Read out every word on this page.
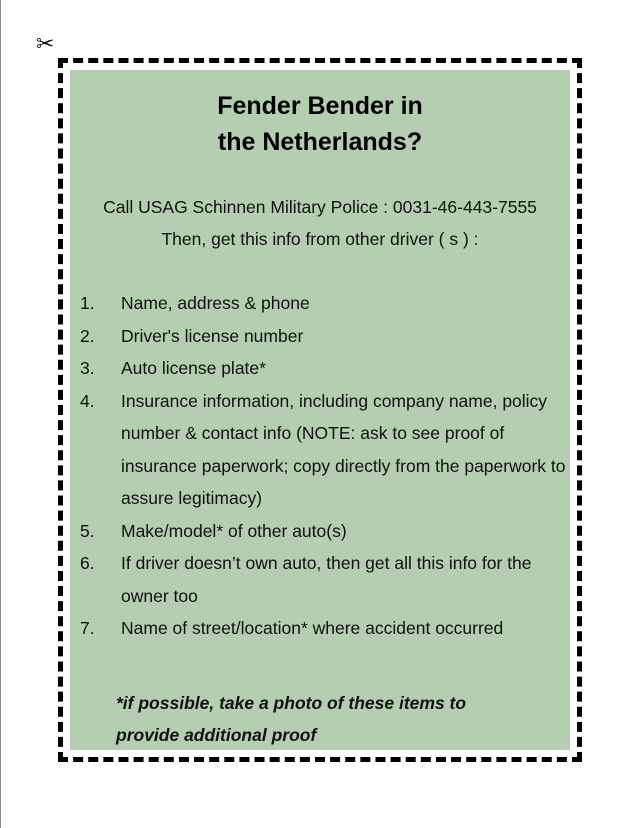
✂
Fender Bender in
the Netherlands?
Call USAG Schinnen Military Police : 0031-46-443-7555
Then, get this info from other driver ( s ) :
1. Name, address & phone
2. Driver's license number
3. Auto license plate*
4. Insurance information, including company name, policy number & contact info (NOTE: ask to see proof of insurance paperwork; copy directly from the paperwork to assure legitimacy)
5. Make/model* of other auto(s)
6. If driver doesn’t own auto, then get all this info for the owner too
7. Name of street/location* where accident occurred
*if possible, take a photo of these items to
provide additional proof
